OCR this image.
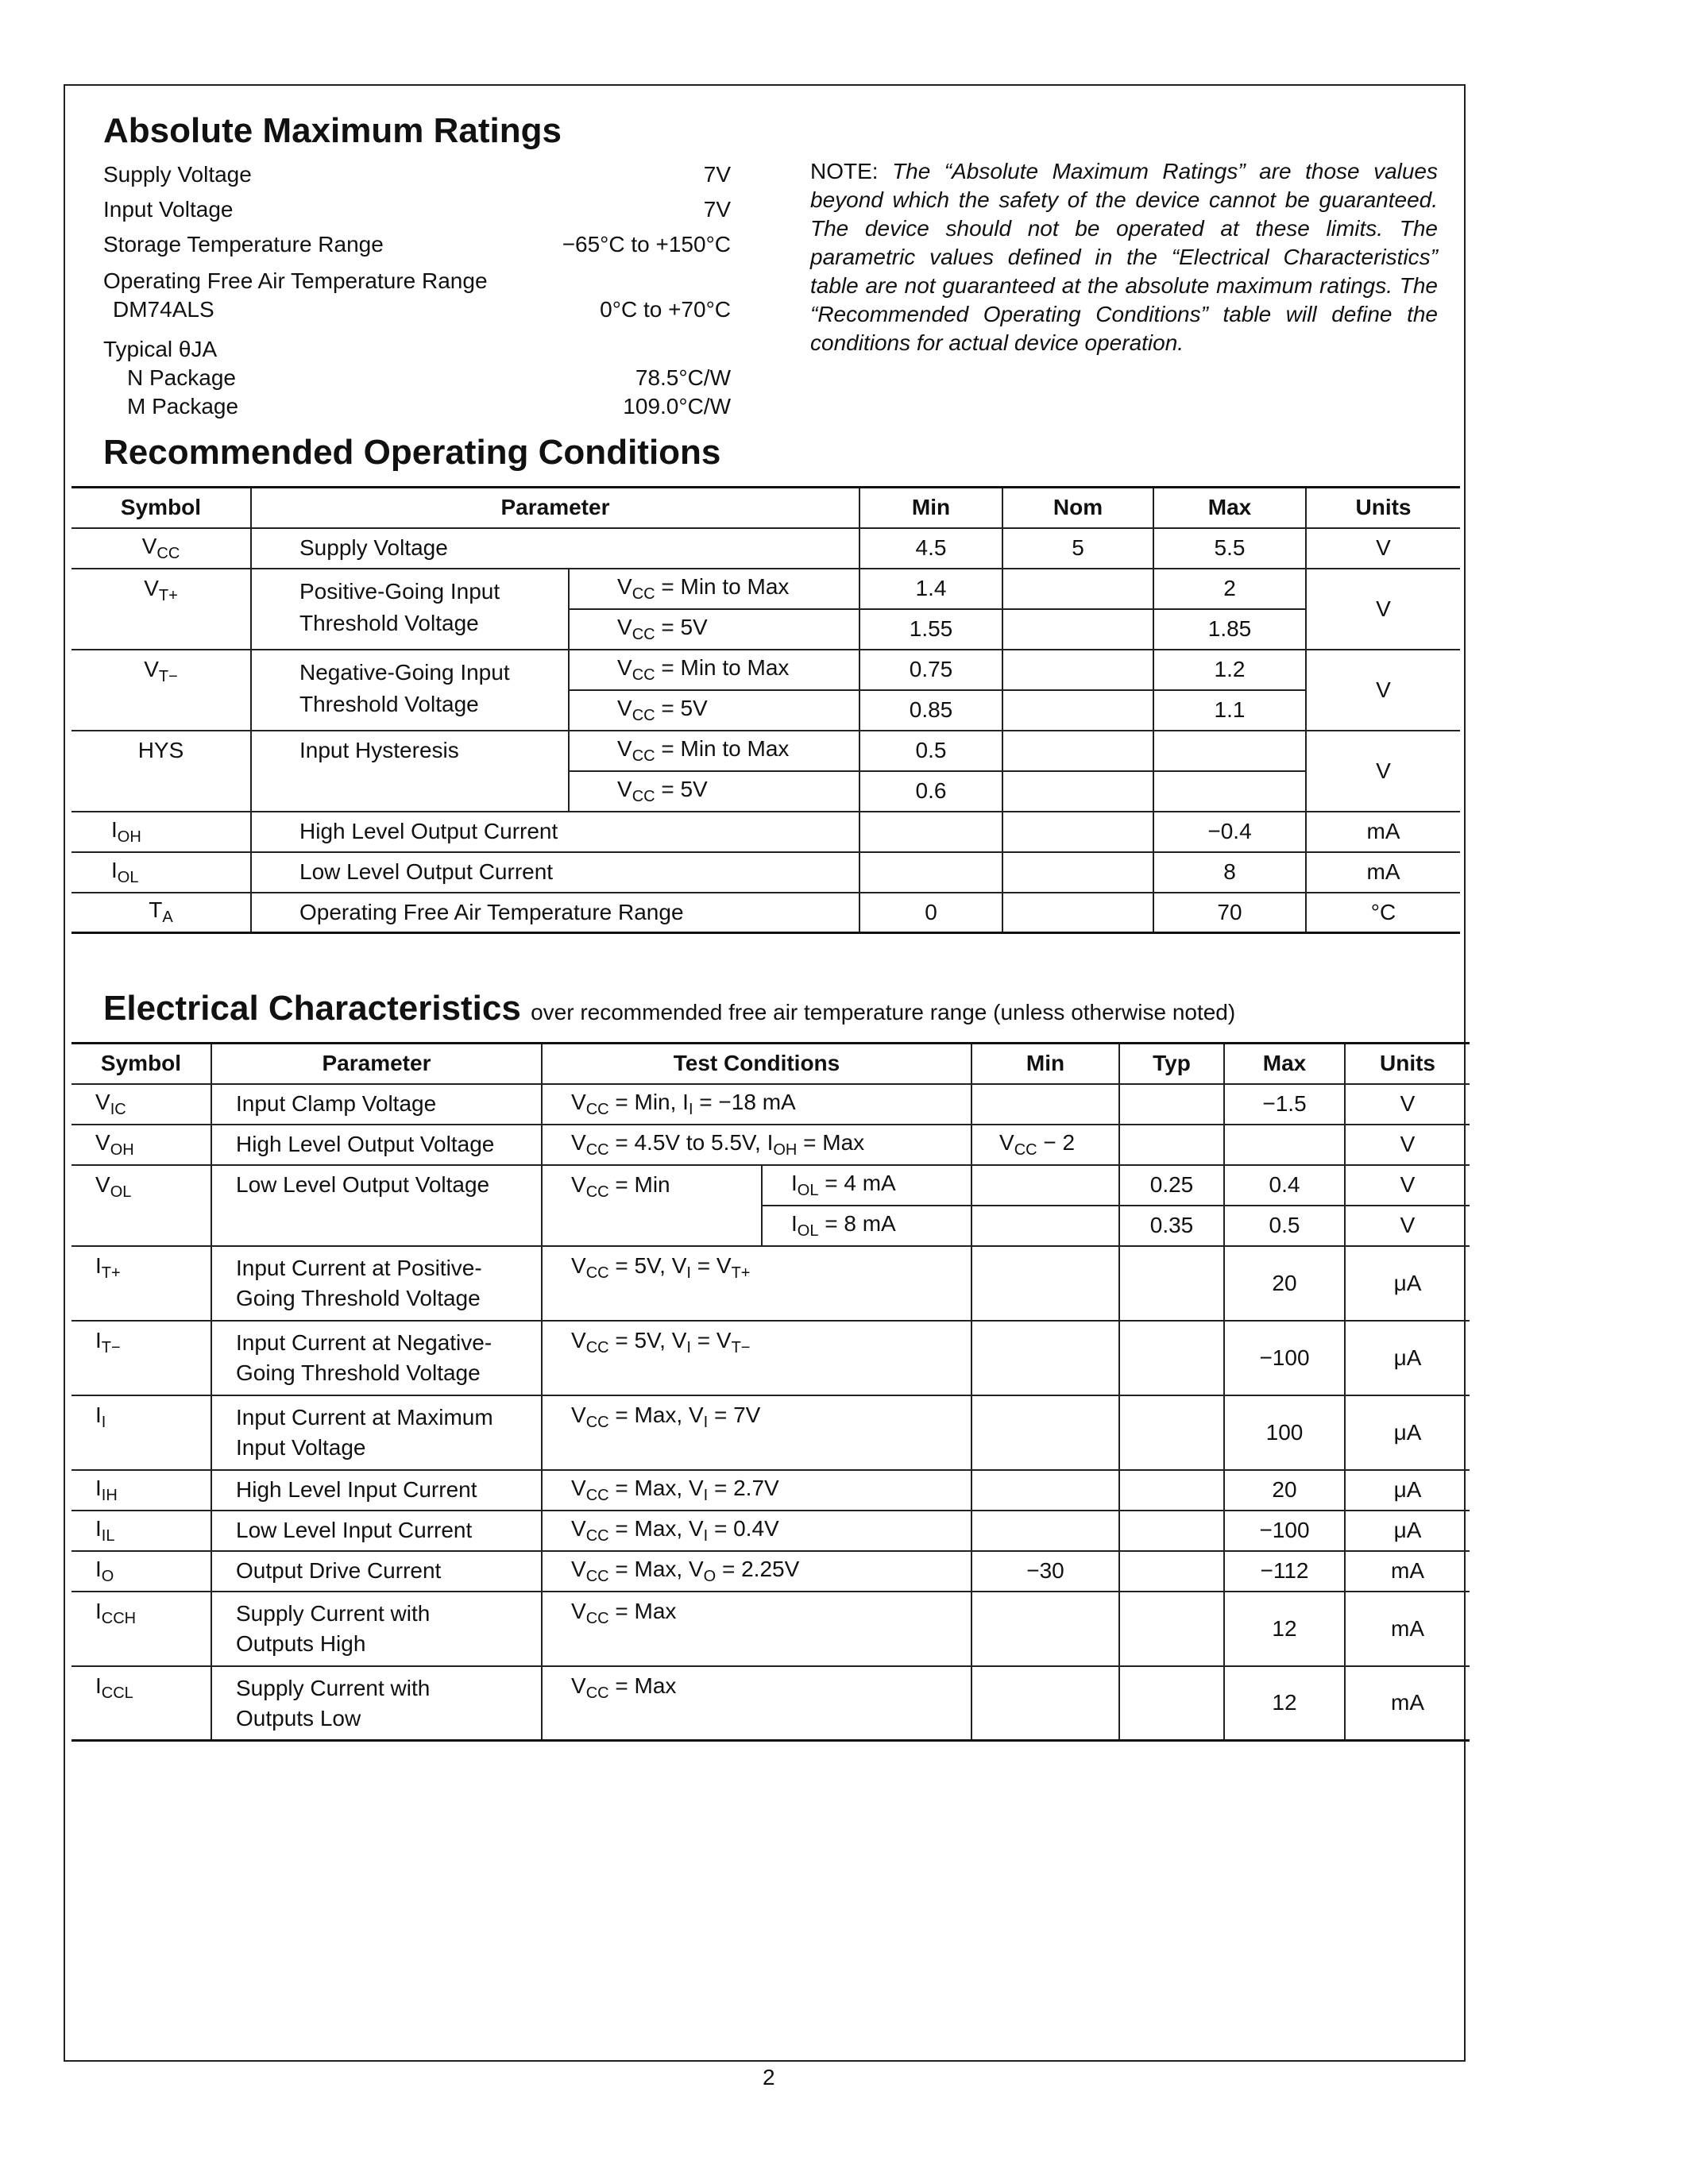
Absolute Maximum Ratings
Supply Voltage	7V
Input Voltage	7V
Storage Temperature Range	−65°C to +150°C
Operating Free Air Temperature Range
DM74ALS	0°C to +70°C
Typical θJA
N Package	78.5°C/W
M Package	109.0°C/W
NOTE: The “Absolute Maximum Ratings” are those values beyond which the safety of the device cannot be guaranteed. The device should not be operated at these limits. The parametric values defined in the “Electrical Characteristics” table are not guaranteed at the absolute maximum ratings. The “Recommended Operating Conditions” table will define the conditions for actual device operation.
Recommended Operating Conditions
Symbol	Parameter		Min	Nom	Max	Units
$V_{CC}$	Supply Voltage		4.5	5	5.5	V
$V_{T+}$	Positive-Going Input
Threshold Voltage	$V_{CC}$ = Min to Max	1.4		2	V
		$V_{CC} = 5V$	1.55		1.85	
$V_{T-}$	Negative-Going Input
Threshold Voltage	$V_{CC}$ = Min to Max	0.75		1.2	V
		$V_{CC} = 5V$	0.85		1.1	
HYS	Input Hysteresis	$V_{CC}$ = Min to Max	0.5			V
		$V_{CC} = 5V$	0.6			
$I_{OH}$	High Level Output Current				−0.4	mA
$I_{OL}$	Low Level Output Current				8	mA
$T_A$	Operating Free Air Temperature Range		0		70	°C
Electrical Characteristics over recommended free air temperature range (unless otherwise noted)
Symbol	Parameter	Test Conditions		Min	Typ	Max	Units
$V_{IC}$	Input Clamp Voltage	$V_{CC}$ = Min, $I_I = -18$ mA				−1.5	V
$V_{OH}$	High Level Output Voltage	$V_{CC} = 4.5V$ to 5.5V, $I_{OH}$ = Max		$V_{CC} - 2$			V
$V_{OL}$	Low Level Output Voltage	$V_{CC}$ = Min	$I_{OL} = 4$ mA		0.25	0.4	V
			$I_{OL} = 8$ mA		0.35	0.5	V
$I_{T+}$	Input Current at Positive-
Going Threshold Voltage	$V_{CC} = 5V$, $V_I = V_{T+}$				20	μA
$I_{T-}$	Input Current at Negative-
Going Threshold Voltage	$V_{CC} = 5V$, $V_I = V_{T-}$				−100	μA
$I_I$	Input Current at Maximum
Input Voltage	$V_{CC}$ = Max, $V_I = 7V$				100	μA
$I_{IH}$	High Level Input Current	$V_{CC}$ = Max, $V_I = 2.7V$				20	μA
$I_{IL}$	Low Level Input Current	$V_{CC}$ = Max, $V_I = 0.4V$				−100	μA
$I_O$	Output Drive Current	$V_{CC}$ = Max, $V_O = 2.25V$		−30		−112	mA
$I_{CCH}$	Supply Current with
Outputs High	$V_{CC}$ = Max				12	mA
$I_{CCL}$	Supply Current with
Outputs Low	$V_{CC}$ = Max				12	mA
2
